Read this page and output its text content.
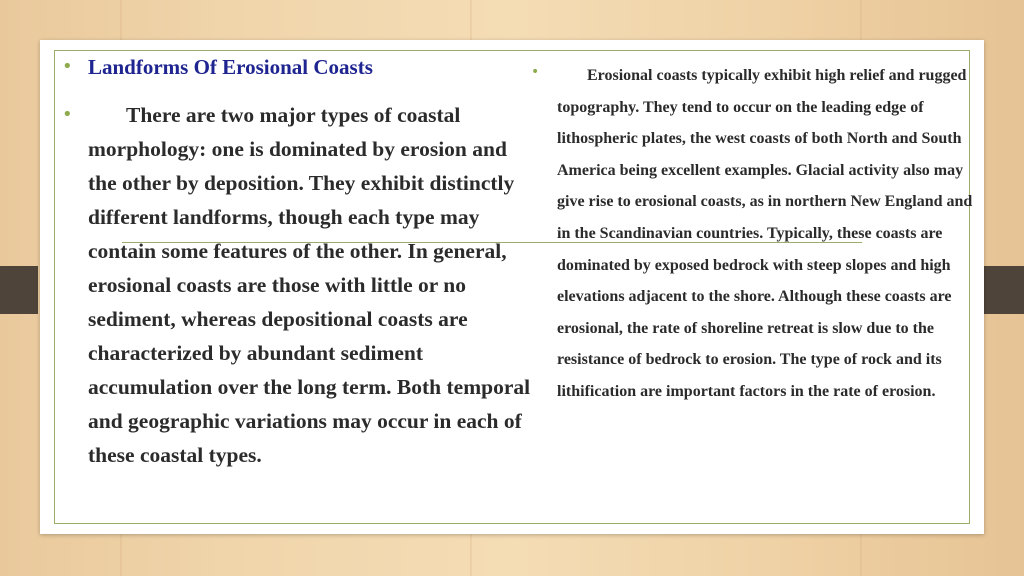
• Landforms Of Erosional Coasts
•	There are two major types of coastal morphology: one is dominated by erosion and the other by deposition. They exhibit distinctly different landforms, though each type may contain some features of the other. In general, erosional coasts are those with little or no sediment, whereas depositional coasts are characterized by abundant sediment accumulation over the long term. Both temporal and geographic variations may occur in each of these coastal types.
•	Erosional coasts typically exhibit high relief and rugged topography. They tend to occur on the leading edge of lithospheric plates, the west coasts of both North and South America being excellent examples. Glacial activity also may give rise to erosional coasts, as in northern New England and in the Scandinavian countries. Typically, these coasts are dominated by exposed bedrock with steep slopes and high elevations adjacent to the shore. Although these coasts are erosional, the rate of shoreline retreat is slow due to the resistance of bedrock to erosion. The type of rock and its lithification are important factors in the rate of erosion.
